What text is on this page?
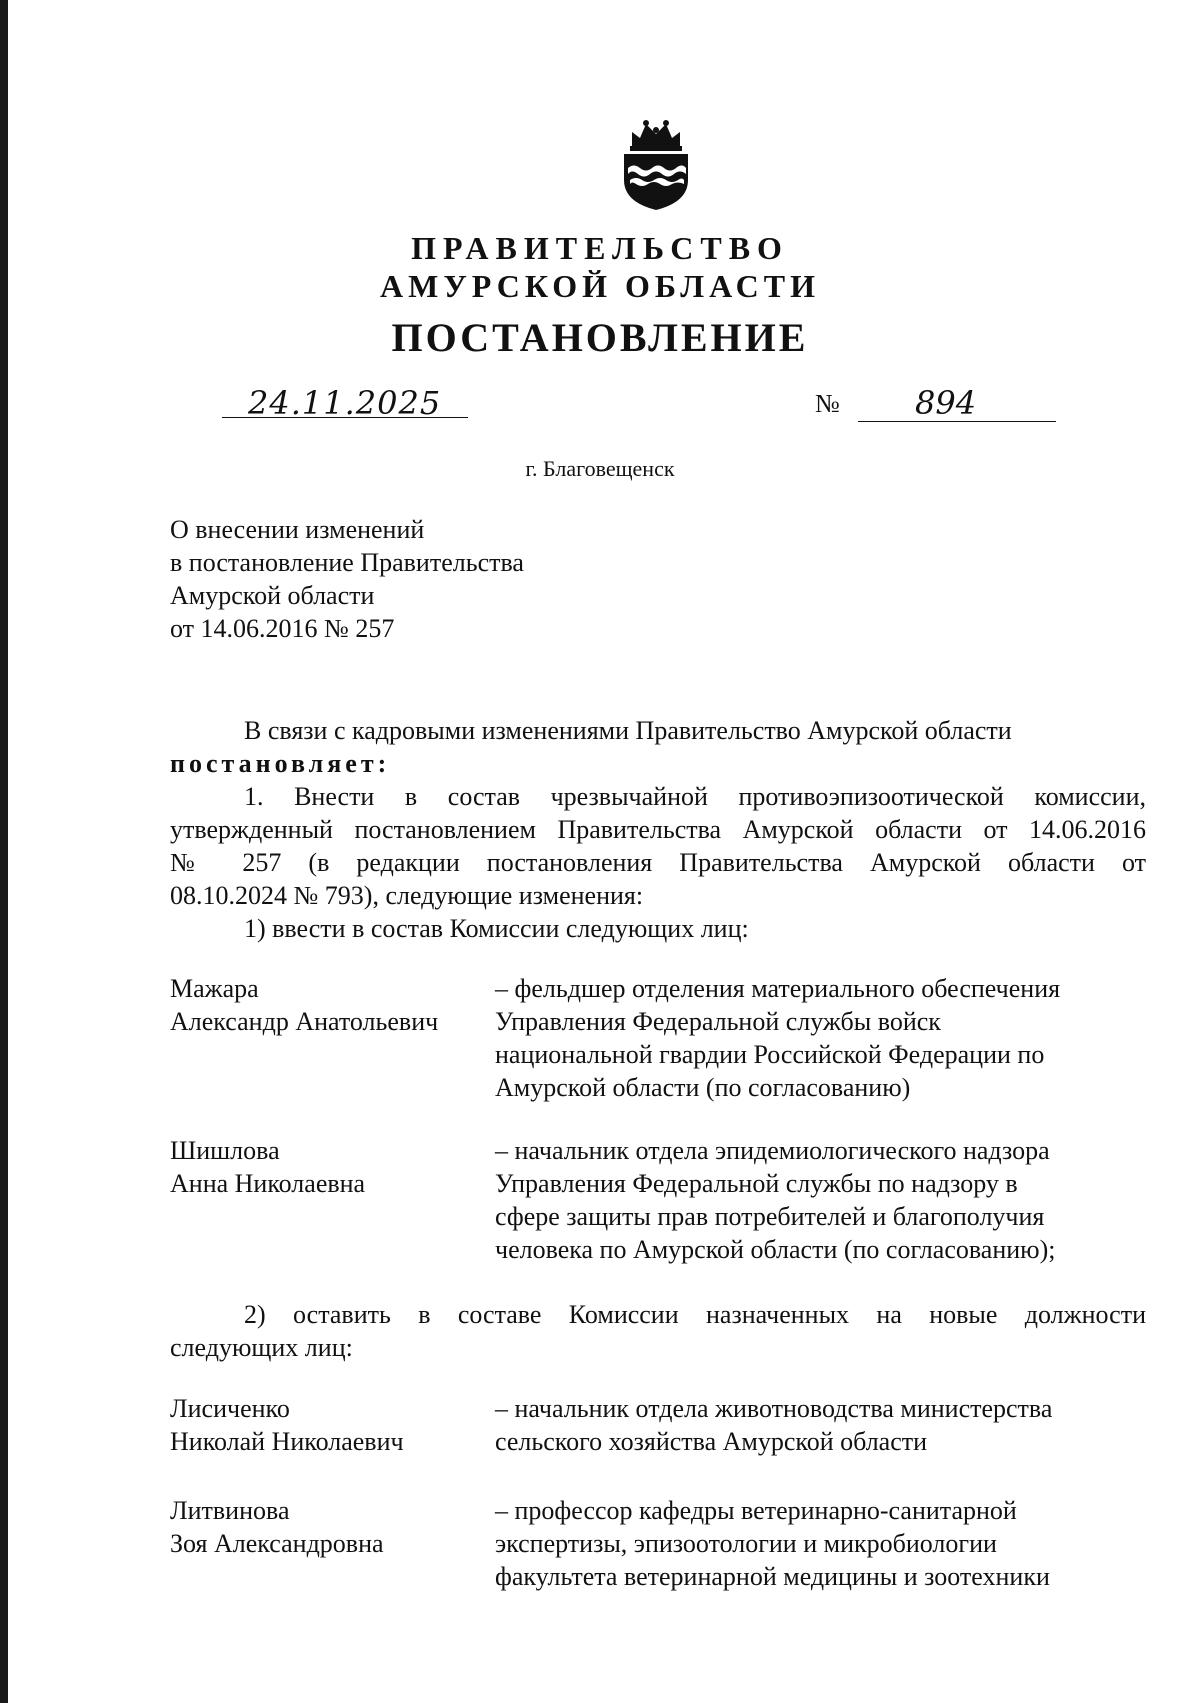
ПРАВИТЕЛЬСТВО
АМУРСКОЙ ОБЛАСТИ
ПОСТАНОВЛЕНИЕ
24.11.2025	№ 894
г. Благовещенск
О внесении изменений
в постановление Правительства
Амурской области
от 14.06.2016 № 257
В связи с кадровыми изменениями Правительство Амурской области
постановляет:
1. Внести в состав чрезвычайной противоэпизоотической комиссии,
утвержденный постановлением Правительства Амурской области от 14.06.2016
№ 257 (в редакции постановления Правительства Амурской области от
08.10.2024 № 793), следующие изменения:
1) ввести в состав Комиссии следующих лиц:
Мажара
Александр Анатольевич
– фельдшер отделения материального обеспечения
Управления Федеральной службы войск
национальной гвардии Российской Федерации по
Амурской области (по согласованию)
Шишлова
Анна Николаевна
– начальник отдела эпидемиологического надзора
Управления Федеральной службы по надзору в
сфере защиты прав потребителей и благополучия
человека по Амурской области (по согласованию);
2) оставить в составе Комиссии назначенных на новые должности
следующих лиц:
Лисиченко
Николай Николаевич
– начальник отдела животноводства министерства
сельского хозяйства Амурской области
Литвинова
Зоя Александровна
– профессор кафедры ветеринарно-санитарной
экспертизы, эпизоотологии и микробиологии
факультета ветеринарной медицины и зоотехники
